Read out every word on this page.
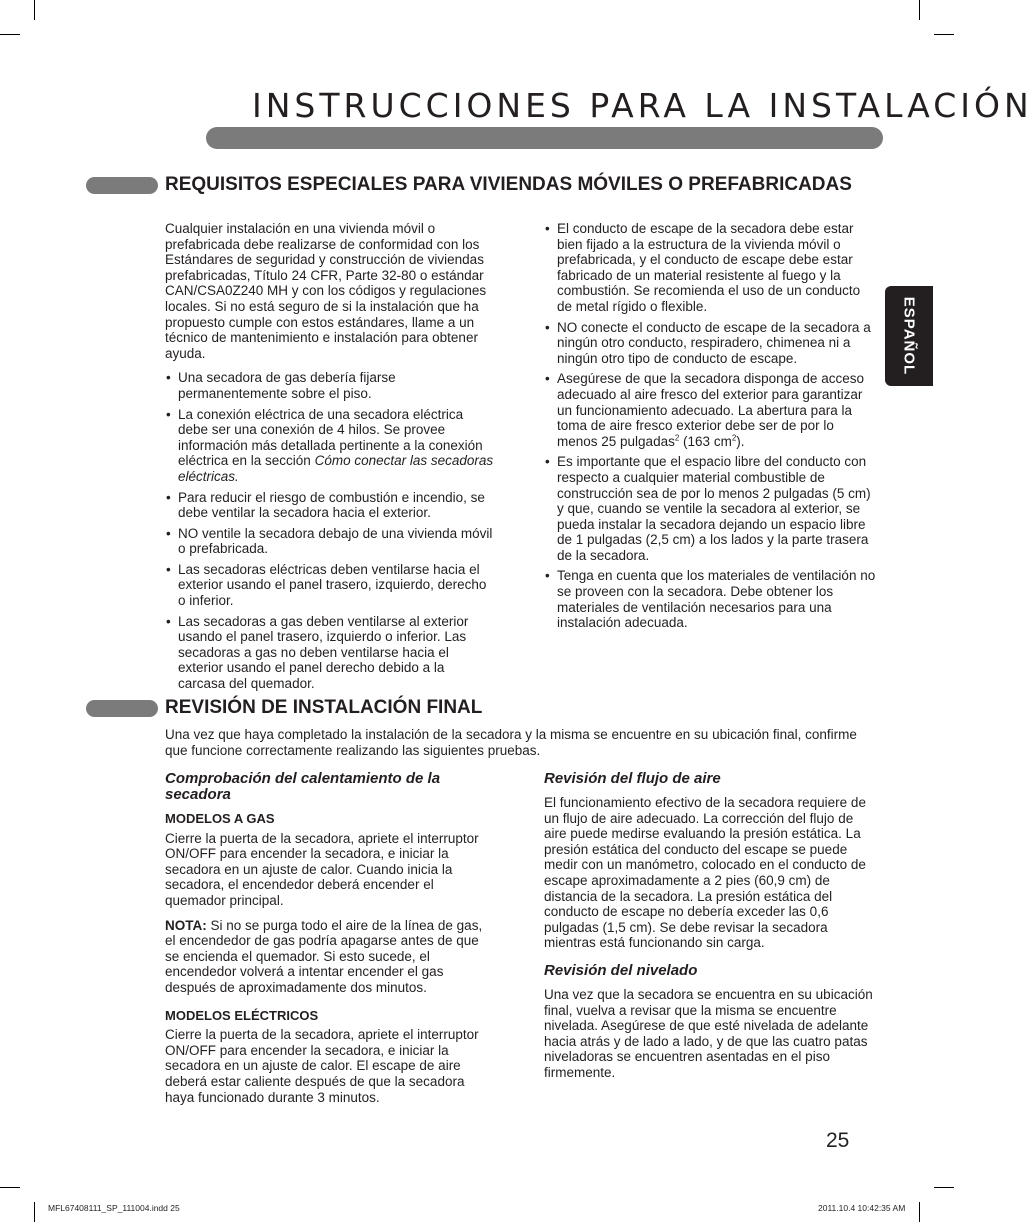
INSTRUCCIONES PARA LA INSTALACIÓN
ESPAÑOL
REQUISITOS ESPECIALES PARA VIVIENDAS MÓVILES O PREFABRICADAS

Cualquier instalación en una vivienda móvil o prefabricada debe realizarse de conformidad con los Estándares de seguridad y construcción de viviendas prefabricadas, Título 24 CFR, Parte 32-80 o estándar CAN/CSA0Z240 MH y con los códigos y regulaciones locales. Si no está seguro de si la instalación que ha propuesto cumple con estos estándares, llame a un técnico de mantenimiento e instalación para obtener ayuda.

• Una secadora de gas debería fijarse permanentemente sobre el piso.
• La conexión eléctrica de una secadora eléctrica debe ser una conexión de 4 hilos. Se provee información más detallada pertinente a la conexión eléctrica en la sección Cómo conectar las secadoras eléctricas.
• Para reducir el riesgo de combustión e incendio, se debe ventilar la secadora hacia el exterior.
• NO ventile la secadora debajo de una vivienda móvil o prefabricada.
• Las secadoras eléctricas deben ventilarse hacia el exterior usando el panel trasero, izquierdo, derecho o inferior.
• Las secadoras a gas deben ventilarse al exterior usando el panel trasero, izquierdo o inferior. Las secadoras a gas no deben ventilarse hacia el exterior usando el panel derecho debido a la carcasa del quemador.
• El conducto de escape de la secadora debe estar bien fijado a la estructura de la vivienda móvil o prefabricada, y el conducto de escape debe estar fabricado de un material resistente al fuego y la combustión. Se recomienda el uso de un conducto de metal rígido o flexible.
• NO conecte el conducto de escape de la secadora a ningún otro conducto, respiradero, chimenea ni a ningún otro tipo de conducto de escape.
• Asegúrese de que la secadora disponga de acceso adecuado al aire fresco del exterior para garantizar un funcionamiento adecuado. La abertura para la toma de aire fresco exterior debe ser de por lo menos 25 pulgadas$^2$ (163 $cm^2$).
• Es importante que el espacio libre del conducto con respecto a cualquier material combustible de construcción sea de por lo menos 2 pulgadas (5 cm) y que, cuando se ventile la secadora al exterior, se pueda instalar la secadora dejando un espacio libre de 1 pulgadas (2,5 cm) a los lados y la parte trasera de la secadora.
• Tenga en cuenta que los materiales de ventilación no se proveen con la secadora. Debe obtener los materiales de ventilación necesarios para una instalación adecuada.
REVISIÓN DE INSTALACIÓN FINAL
Una vez que haya completado la instalación de la secadora y la misma se encuentre en su ubicación final, confirme que funcione correctamente realizando las siguientes pruebas.
Comprobación del calentamiento de la secadora
MODELOS A GAS

Cierre la puerta de la secadora, apriete el interruptor ON/OFF para encender la secadora, e iniciar la secadora en un ajuste de calor. Cuando inicia la secadora, el encendedor deberá encender el quemador principal.

NOTA: Si no se purga todo el aire de la línea de gas, el encendedor de gas podría apagarse antes de que se encienda el quemador. Si esto sucede, el encendedor volverá a intentar encender el gas después de aproximadamente dos minutos.

MODELOS ELÉCTRICOS

Cierre la puerta de la secadora, apriete el interruptor ON/OFF para encender la secadora, e iniciar la secadora en un ajuste de calor. El escape de aire deberá estar caliente después de que la secadora haya funcionado durante 3 minutos.

Revisión del flujo de aire

El funcionamiento efectivo de la secadora requiere de un flujo de aire adecuado. La corrección del flujo de aire puede medirse evaluando la presión estática. La presión estática del conducto del escape se puede medir con un manómetro, colocado en el conducto de escape aproximadamente a 2 pies (60,9 cm) de distancia de la secadora. La presión estática del conducto de escape no debería exceder las 0,6 pulgadas (1,5 cm). Se debe revisar la secadora mientras está funcionando sin carga.

Revisión del nivelado

Una vez que la secadora se encuentra en su ubicación final, vuelva a revisar que la misma se encuentre nivelada. Asegúrese de que esté nivelada de adelante hacia atrás y de lado a lado, y de que las cuatro patas niveladoras se encuentren asentadas en el piso firmemente.

25
MFL67408111_SP_111004.indd 25	2011.10.4 10:42:35 AM
